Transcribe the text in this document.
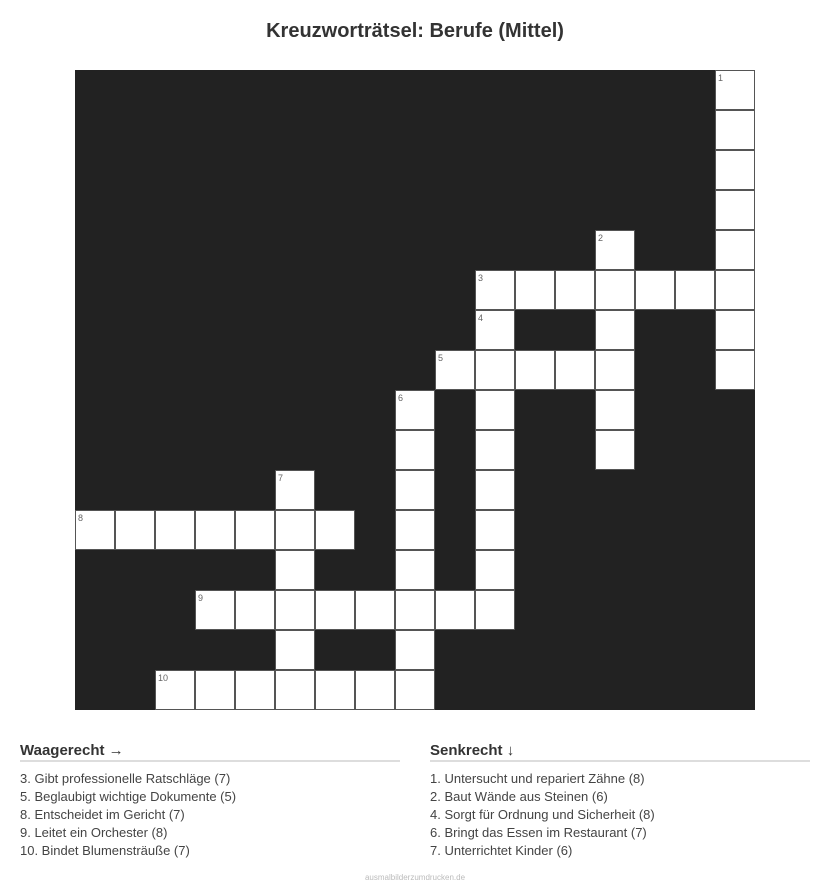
Kreuzworträtsel: Berufe (Mittel)
1
2
3
4
5
6
7
8
9
10
Waagerecht →
3. Gibt professionelle Ratschläge (7)
5. Beglaubigt wichtige Dokumente (5)
8. Entscheidet im Gericht (7)
9. Leitet ein Orchester (8)
10. Bindet Blumensträuße (7)
Senkrecht ↓
1. Untersucht und repariert Zähne (8)
2. Baut Wände aus Steinen (6)
4. Sorgt für Ordnung und Sicherheit (8)
6. Bringt das Essen im Restaurant (7)
7. Unterrichtet Kinder (6)
ausmalbilderzumdrucken.de
